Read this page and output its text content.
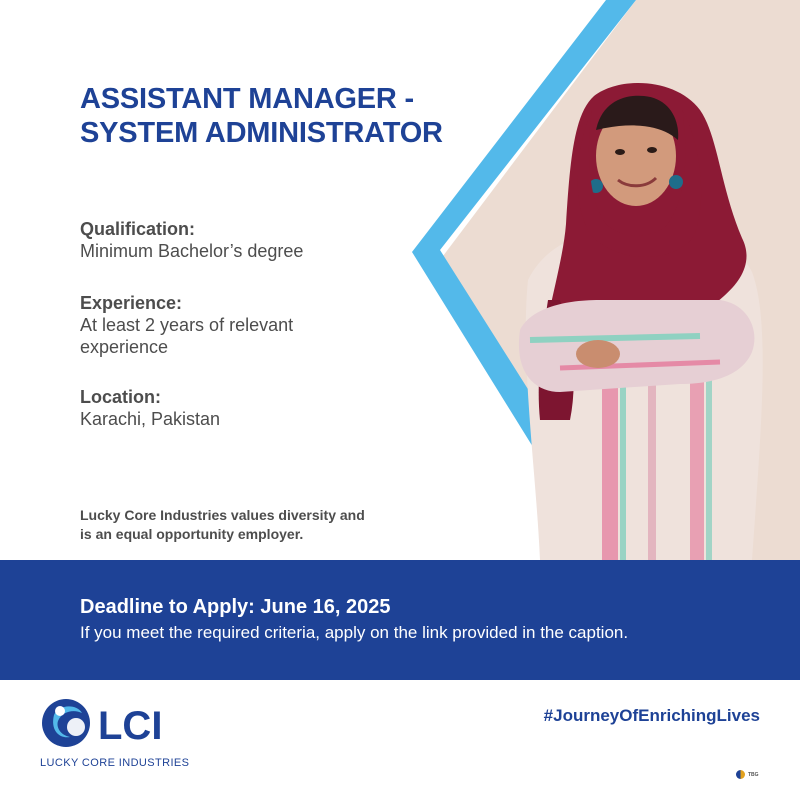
ASSISTANT MANAGER -
SYSTEM ADMINISTRATOR
Qualification:
Minimum Bachelor’s degree
Experience:
At least 2 years of relevant experience
Location:
Karachi, Pakistan

Lucky Core Industries values diversity and is an equal opportunity employer.

Deadline to Apply: June 16, 2025
If you meet the required criteria, apply on the link provided in the caption.
LCI
LUCKY CORE INDUSTRIES
#JourneyOfEnrichingLives
TBG
